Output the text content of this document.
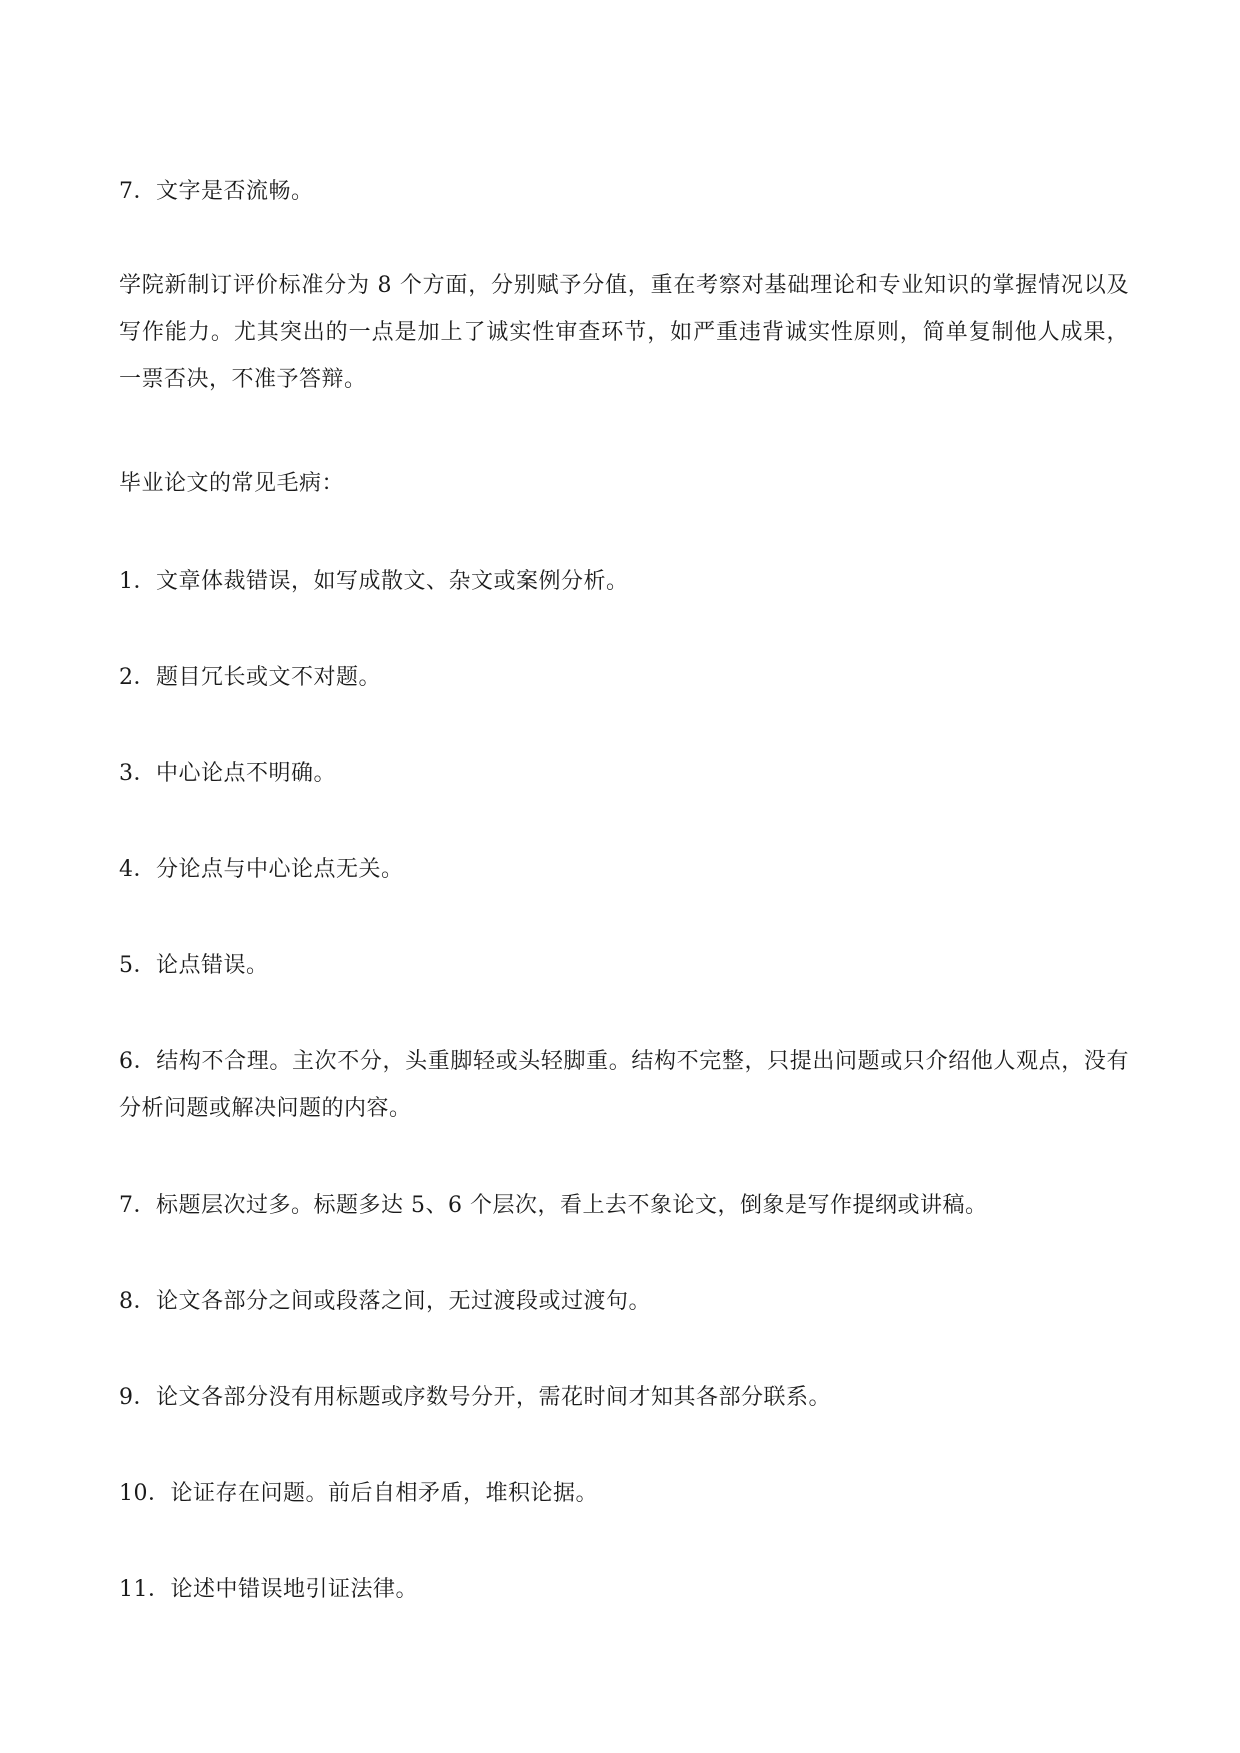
7．文字是否流畅。

学院新制订评价标准分为 8 个方面，分别赋予分值，重在考察对基础理论和专业知识的掌握情况以及写作能力。尤其突出的一点是加上了诚实性审查环节，如严重违背诚实性原则，简单复制他人成果，一票否决，不准予答辩。

毕业论文的常见毛病：

1．文章体裁错误，如写成散文、杂文或案例分析。

2．题目冗长或文不对题。

3．中心论点不明确。

4．分论点与中心论点无关。

5．论点错误。

6．结构不合理。主次不分，头重脚轻或头轻脚重。结构不完整，只提出问题或只介绍他人观点，没有分析问题或解决问题的内容。

7．标题层次过多。标题多达 5、6 个层次，看上去不象论文，倒象是写作提纲或讲稿。

8．论文各部分之间或段落之间，无过渡段或过渡句。

9．论文各部分没有用标题或序数号分开，需花时间才知其各部分联系。

10．论证存在问题。前后自相矛盾，堆积论据。

11．论述中错误地引证法律。
